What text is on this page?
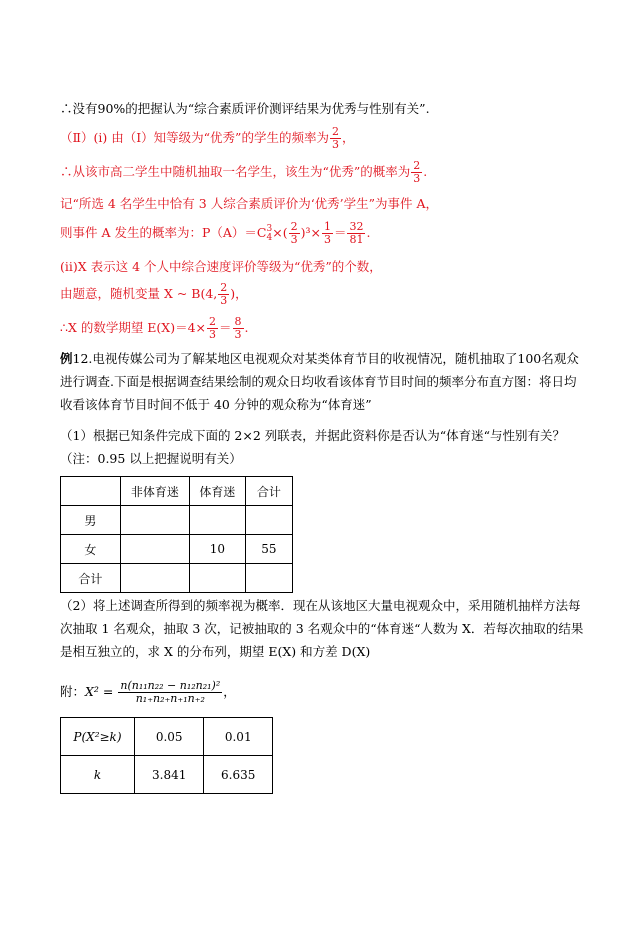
∴没有90%的把握认为“综合素质评价测评结果为优秀与性别有关”.
（Ⅱ）(i) 由（Ⅰ）知等级为“优秀”的学生的频率为 $\frac{2}{3}$ ，
∴从该市高二学生中随机抽取一名学生，该生为“优秀”的概率为 $\frac{2}{3}$ .
记“所选 4 名学生中恰有 3 人综合素质评价为‘优秀’学生”为事件 A，
则事件 A 发生的概率为：P（A）＝C 3
4 ×( $\frac{2}{3} )^3\times \frac{1}{3} = \frac{32}{81}$ .
(ii)X 表示这 4 个人中综合速度评价等级为“优秀”的个数，
由题意，随机变量 X ~ B(4, $\frac{2}{3}$ )，
∴X 的数学期望 $E(X)=4\times \frac{2}{3} = \frac{8}{3}$ .
例12.电视传媒公司为了解某地区电视观众对某类体育节目的收视情况，随机抽取了100名观众进行调查.下面是根据调查结果绘制的观众日均收看该体育节目时间的频率分布直方图：将日均收看该体育节目时间不低于 40 分钟的观众称为“体育迷”
（1）根据已知条件完成下面的 2×2 列联表，并据此资料你是否认为“体育迷“与性别有关？（注：0.95 以上把握说明有关）
	非体育迷	体育迷	合计
男			
女		10	55
合计			
（2）将上述调查所得到的频率视为概率．现在从该地区大量电视观众中，采用随机抽样方法每次抽取 1 名观众，抽取 3 次，记被抽取的 3 名观众中的“体育迷“人数为 X．若每次抽取的结果是相互独立的，求 X 的分布列，期望 E(X) 和方差 D(X)
附：$X^2 = \frac{\text{n(n₁₁n₂₂ − n₁₂n₂₁)²}}{\text{n₁₊n₂₊n₊₁n₊₂}}$ ，
P(X²≥k)	0.05	0.01
k	3.841	6.635
